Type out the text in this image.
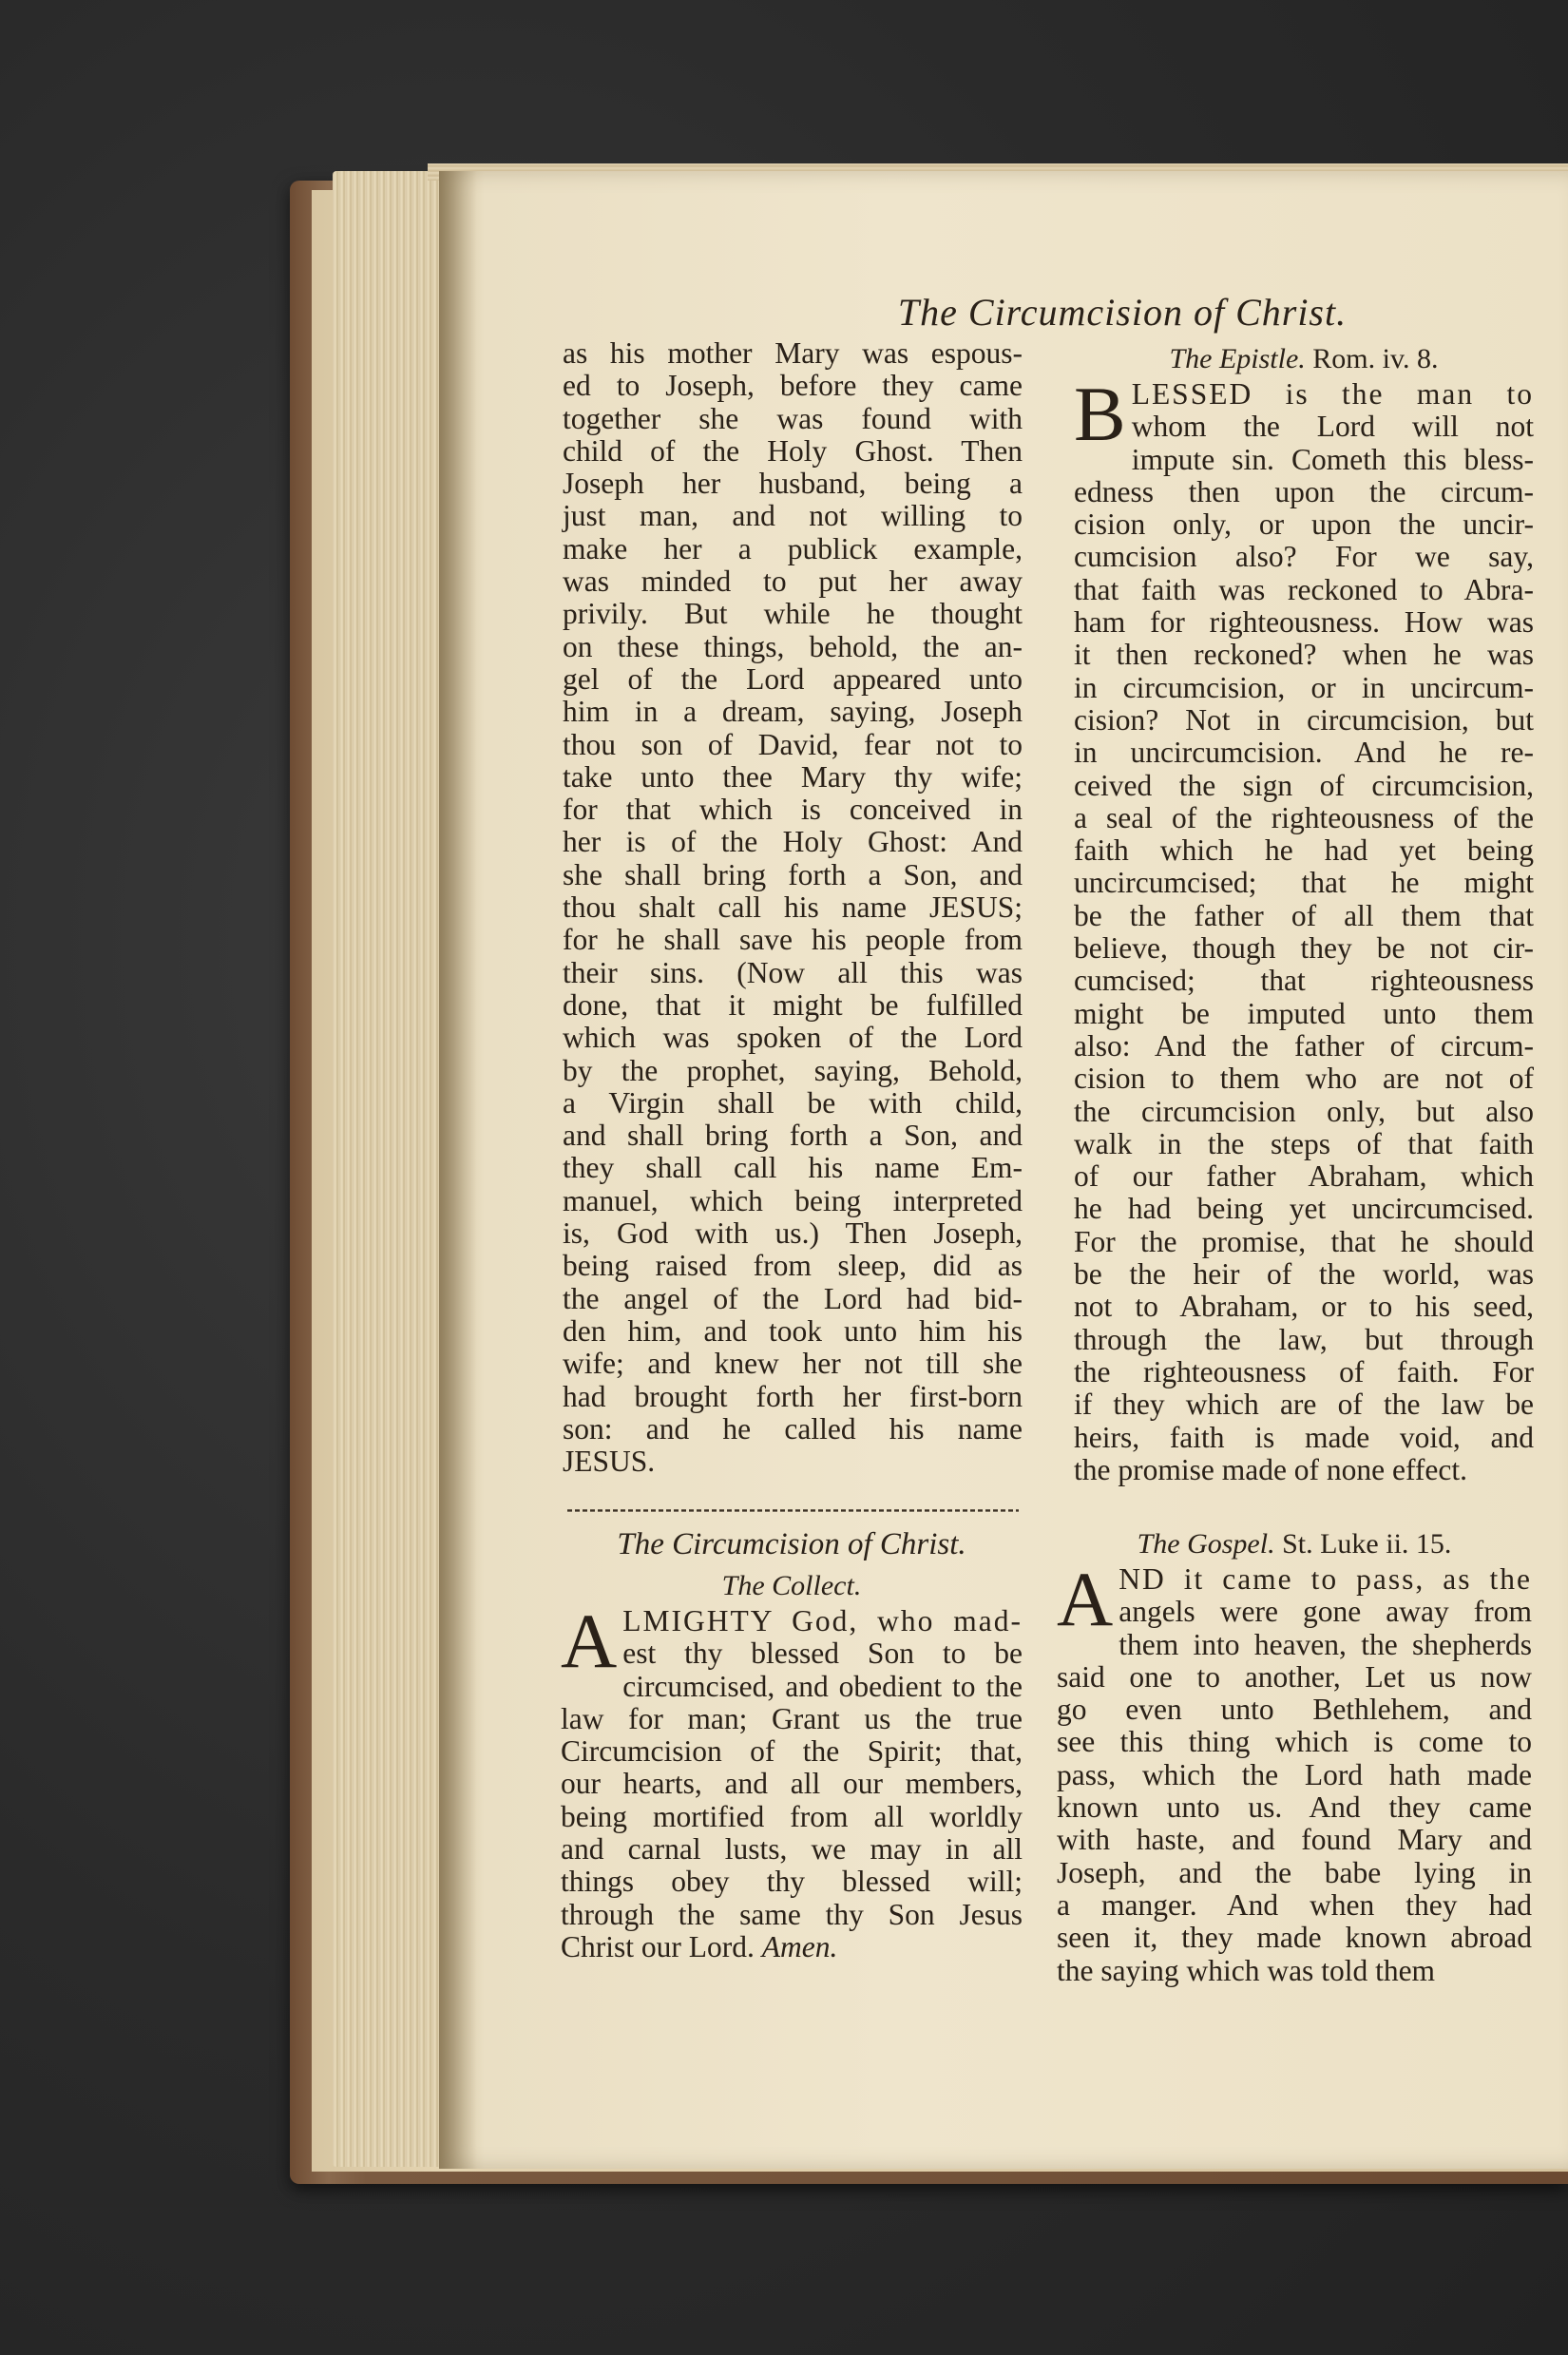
The Circumcision of Christ.
as his mother Mary was espous-
ed to Joseph, before they came
together she was found with
child of the Holy Ghost. Then
Joseph her husband, being a
just man, and not willing to
make her a publick example,
was minded to put her away
privily. But while he thought
on these things, behold, the an-
gel of the Lord appeared unto
him in a dream, saying, Joseph
thou son of David, fear not to
take unto thee Mary thy wife;
for that which is conceived in
her is of the Holy Ghost: And
she shall bring forth a Son, and
thou shalt call his name JESUS;
for he shall save his people from
their sins. (Now all this was
done, that it might be fulfilled
which was spoken of the Lord
by the prophet, saying, Behold,
a Virgin shall be with child,
and shall bring forth a Son, and
they shall call his name Em-
manuel, which being interpreted
is, God with us.) Then Joseph,
being raised from sleep, did as
the angel of the Lord had bid-
den him, and took unto him his
wife; and knew her not till she
had brought forth her first-born
son: and he called his name
JESUS.
The Epistle. Rom. iv. 8.
B LESSED is the man to
whom the Lord will not
impute sin. Cometh this bless-
edness then upon the circum-
cision only, or upon the uncir-
cumcision also? For we say,
that faith was reckoned to Abra-
ham for righteousness. How was
it then reckoned? when he was
in circumcision, or in uncircum-
cision? Not in circumcision, but
in uncircumcision. And he re-
ceived the sign of circumcision,
a seal of the righteousness of the
faith which he had yet being
uncircumcised; that he might
be the father of all them that
believe, though they be not cir-
cumcised; that righteousness
might be imputed unto them
also: And the father of circum-
cision to them who are not of
the circumcision only, but also
walk in the steps of that faith
of our father Abraham, which
he had being yet uncircumcised.
For the promise, that he should
be the heir of the world, was
not to Abraham, or to his seed,
through the law, but through
the righteousness of faith. For
if they which are of the law be
heirs, faith is made void, and
the promise made of none effect.
The Circumcision of Christ.
The Collect.
A LMIGHTY God, who mad-
est thy blessed Son to be
circumcised, and obedient to the
law for man; Grant us the true
Circumcision of the Spirit; that,
our hearts, and all our members,
being mortified from all worldly
and carnal lusts, we may in all
things obey thy blessed will;
through the same thy Son Jesus
Christ our Lord. Amen.
The Gospel. St. Luke ii. 15.
A ND it came to pass, as the
angels were gone away from
them into heaven, the shepherds
said one to another, Let us now
go even unto Bethlehem, and
see this thing which is come to
pass, which the Lord hath made
known unto us. And they came
with haste, and found Mary and
Joseph, and the babe lying in
a manger. And when they had
seen it, they made known abroad
the saying which was told them
